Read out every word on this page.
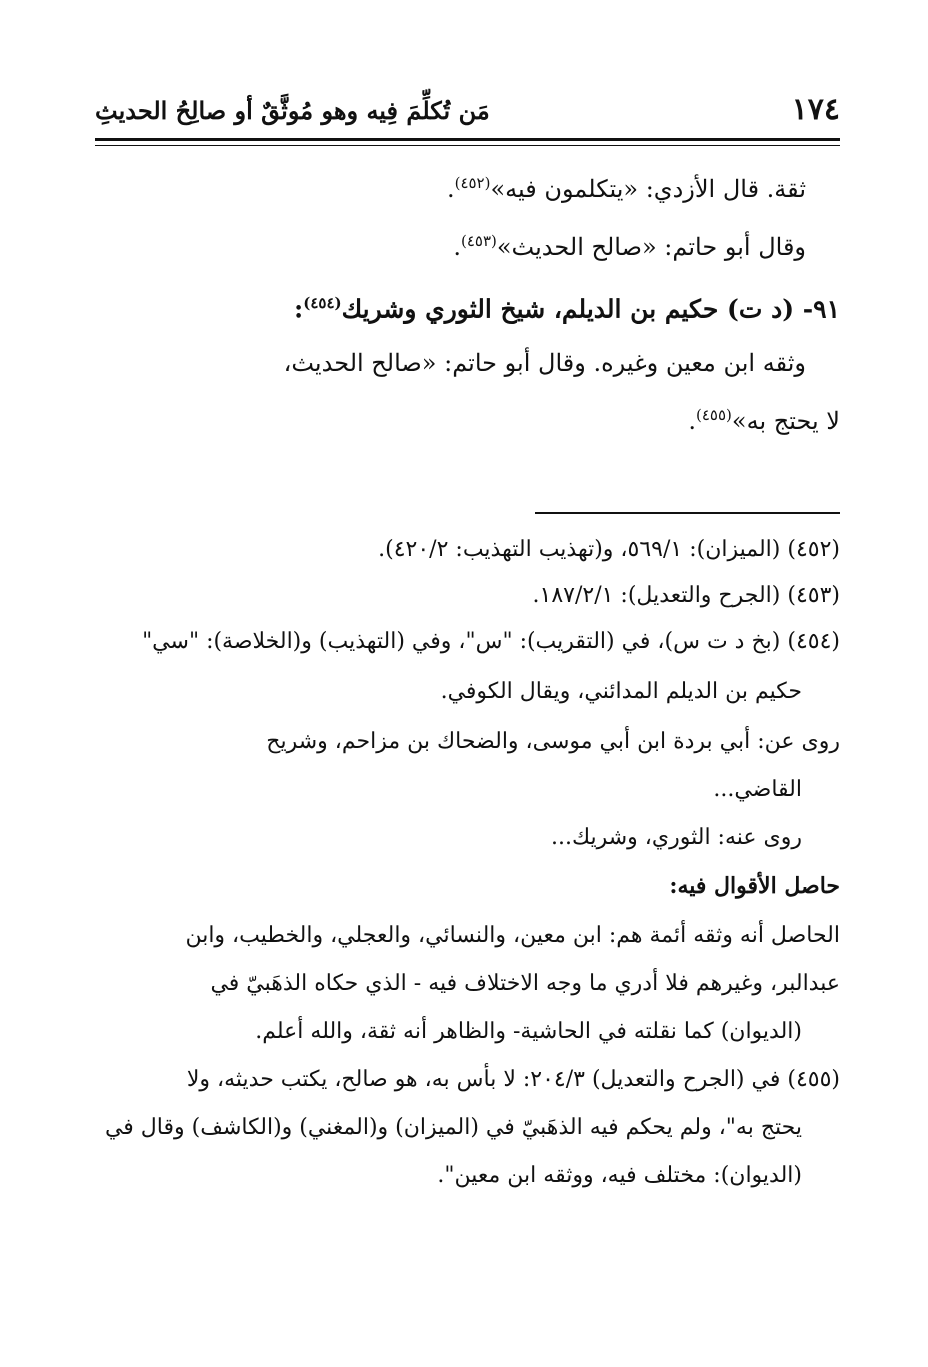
١٧٤
مَن تُكلِّمَ فِيه وهو مُوثَّقٌ أو صالِحُ الحديثِ
ثقة. قال الأزدي: «يتكلمون فيه»$^{(٤٥٢)}$.
وقال أبو حاتم: «صالح الحديث»$^{(٤٥٣)}$.
٩١- (د ت) حكيم بن الديلم، شيخ الثوري وشريك$^{(٤٥٤)}$:
وثقه ابن معين وغيره. وقال أبو حاتم: «صالح الحديث،
لا يحتج به»$^{(٤٥٥)}$.
(٤٥٢) (الميزان): ٥٦٩/١، و(تهذيب التهذيب: ٤٢٠/٢).
(٤٥٣) (الجرح والتعديل): ١٨٧/٢/١.
(٤٥٤) (بخ د ت س)، في (التقريب): "س"، وفي (التهذيب) و(الخلاصة): "سي"
حكيم بن الديلم المدائني، ويقال الكوفي.
روى عن: أبي بردة ابن أبي موسى، والضحاك بن مزاحم، وشريح
القاضي...
روى عنه: الثوري، وشريك...
حاصل الأقوال فيه:
الحاصل أنه وثقه أئمة هم: ابن معين، والنسائي، والعجلي، والخطيب، وابن
عبدالبر، وغيرهم فلا أدري ما وجه الاختلاف فيه - الذي حكاه الذهَبيّ في
(الديوان) كما نقلته في الحاشية- والظاهر أنه ثقة، والله أعلم.
(٤٥٥) في (الجرح والتعديل) ٢٠٤/٣: لا بأس به، هو صالح، يكتب حديثه، ولا
يحتج به"، ولم يحكم فيه الذهَبيّ في (الميزان) و(المغني) و(الكاشف) وقال في
(الديوان): مختلف فيه، ووثقه ابن معين".
